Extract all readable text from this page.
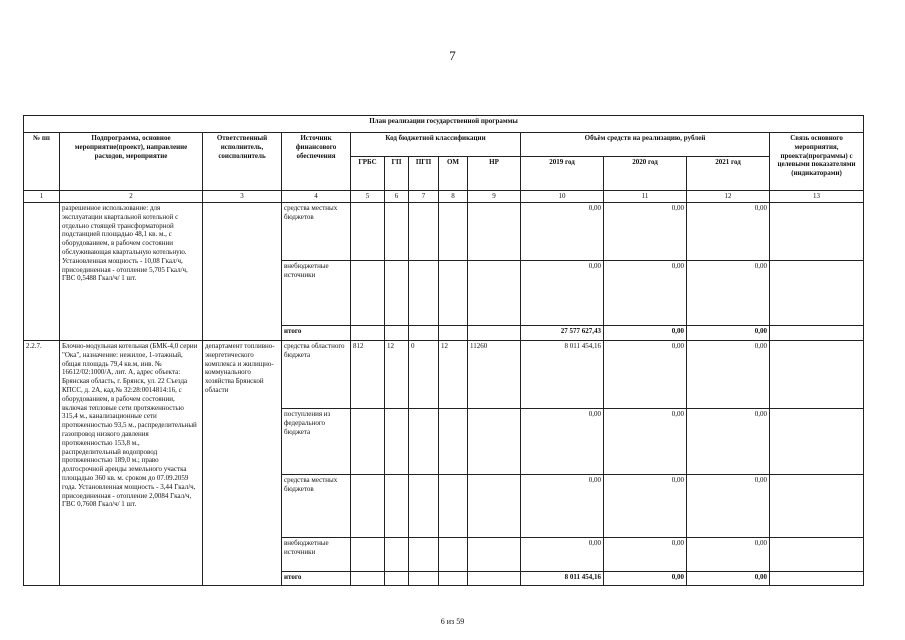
7
План реализации государственной программы												
№ пп	Подпрограмма, основное мероприятие(проект), направление расходов, мероприятие	Ответственный исполнитель, соисполнитель	Источник финансового обеспечения	Код бюджетной классификации					Объём средств на реализацию, рублей			Связь основного мероприятия, проекта(программы) с целевыми показателями (индикаторами)
				ГРБС	ГП	ПГП	ОМ	НР	2019 год	2020 год	2021 год	
1	2	3	4	5	6	7	8	9	10	11	12	13
	разрешенное использование: для эксплуатации квартальной котельной с отдельно стоящей трансформаторной подстанцией площадью 48,1 кв. м., с оборудованием, в рабочем состоянии обслуживающая квартальную котельную. Установленная мощность - 10,08 Гкал/ч, присоединенная - отопление 5,705 Гкал/ч, ГВС 0,5488 Гкал/ч/ 1 шт.		средства местных бюджетов						0,00	0,00	0,00	
			внебюджетные источники						0,00	0,00	0,00	
			итого						27 577 627,43	0,00	0,00	
2.2.7.	Блочно-модульная котельная (БМК-4,0 серии "Ока", назначение: нежилое, 1-этажный, общая площадь 79,4 кв.м, инв. № 16612/02:1000/А, лит. А, адрес объекта: Брянская область, г. Брянск, ул. 22 Съезда КПСС, д. 2А, кад.№ 32:28:0014814:16, с оборудованием, в рабочем состоянии, включая тепловые сети протяженностью 315,4 м., канализационные сети протяженностью 93,5 м., распределительный газопровод низкого давления протяженностью 153,8 м., распределительный водопровод протяженностью 189,0 м.; право долгосрочной аренды земельного участка площадью 360 кв. м. сроком до 07.09.2059 года. Установленная мощность - 3,44 Гкал/ч, присоединенная - отопление 2,0084 Гкал/ч, ГВС 0,7608 Гкал/ч/ 1 шт.	департамент топливно-энергетического комплекса и жилищно-коммунального хозяйства Брянской области	средства областного бюджета	812	12	0	12	11260	8 011 454,16	0,00	0,00	
			поступления из федерального бюджета						0,00	0,00	0,00	
			средства местных бюджетов						0,00	0,00	0,00	
			внебюджетные источники						0,00	0,00	0,00	
			итого						8 011 454,16	0,00	0,00	
6 из 59
